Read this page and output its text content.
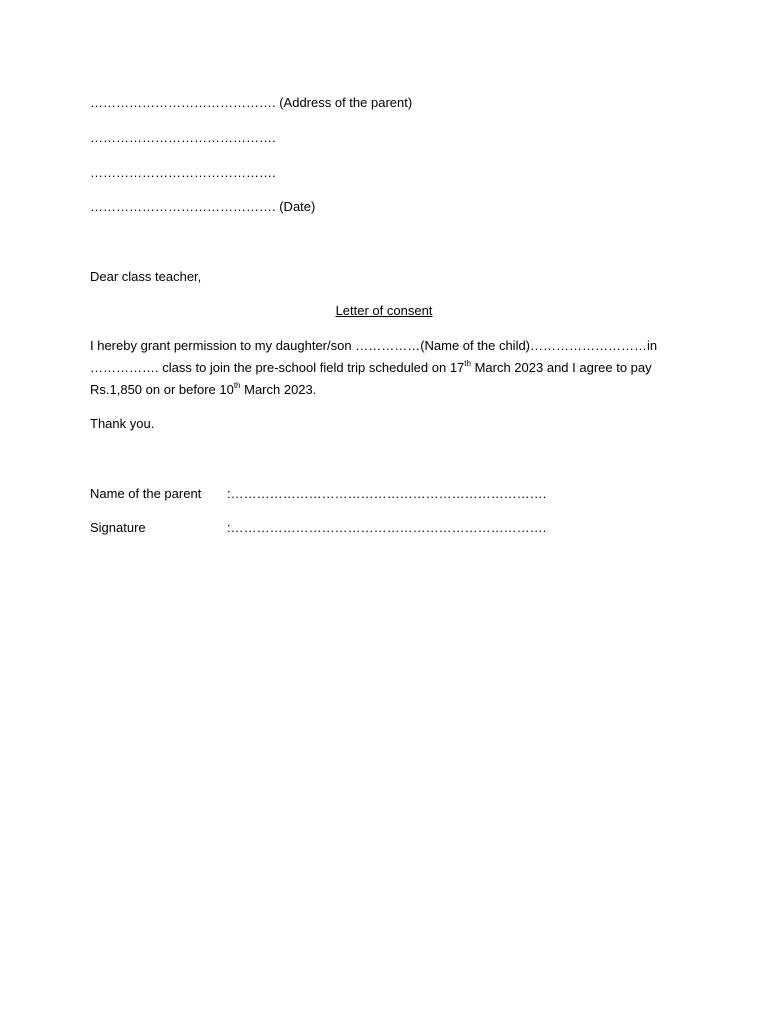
……………………………………. (Address of the parent)
…………………………………….
…………………………………….
……………………………………. (Date)
Dear class teacher,
Letter of consent
I hereby grant permission to my daughter/son ……………(Name of the child)………………………in
……………. class to join the pre-school field trip scheduled on 17th March 2023 and I agree to pay
Rs.1,850 on or before 10th March 2023.
Thank you.
Name of the parent :……………………………………………………………….
Signature	:……………………………………………………………….
